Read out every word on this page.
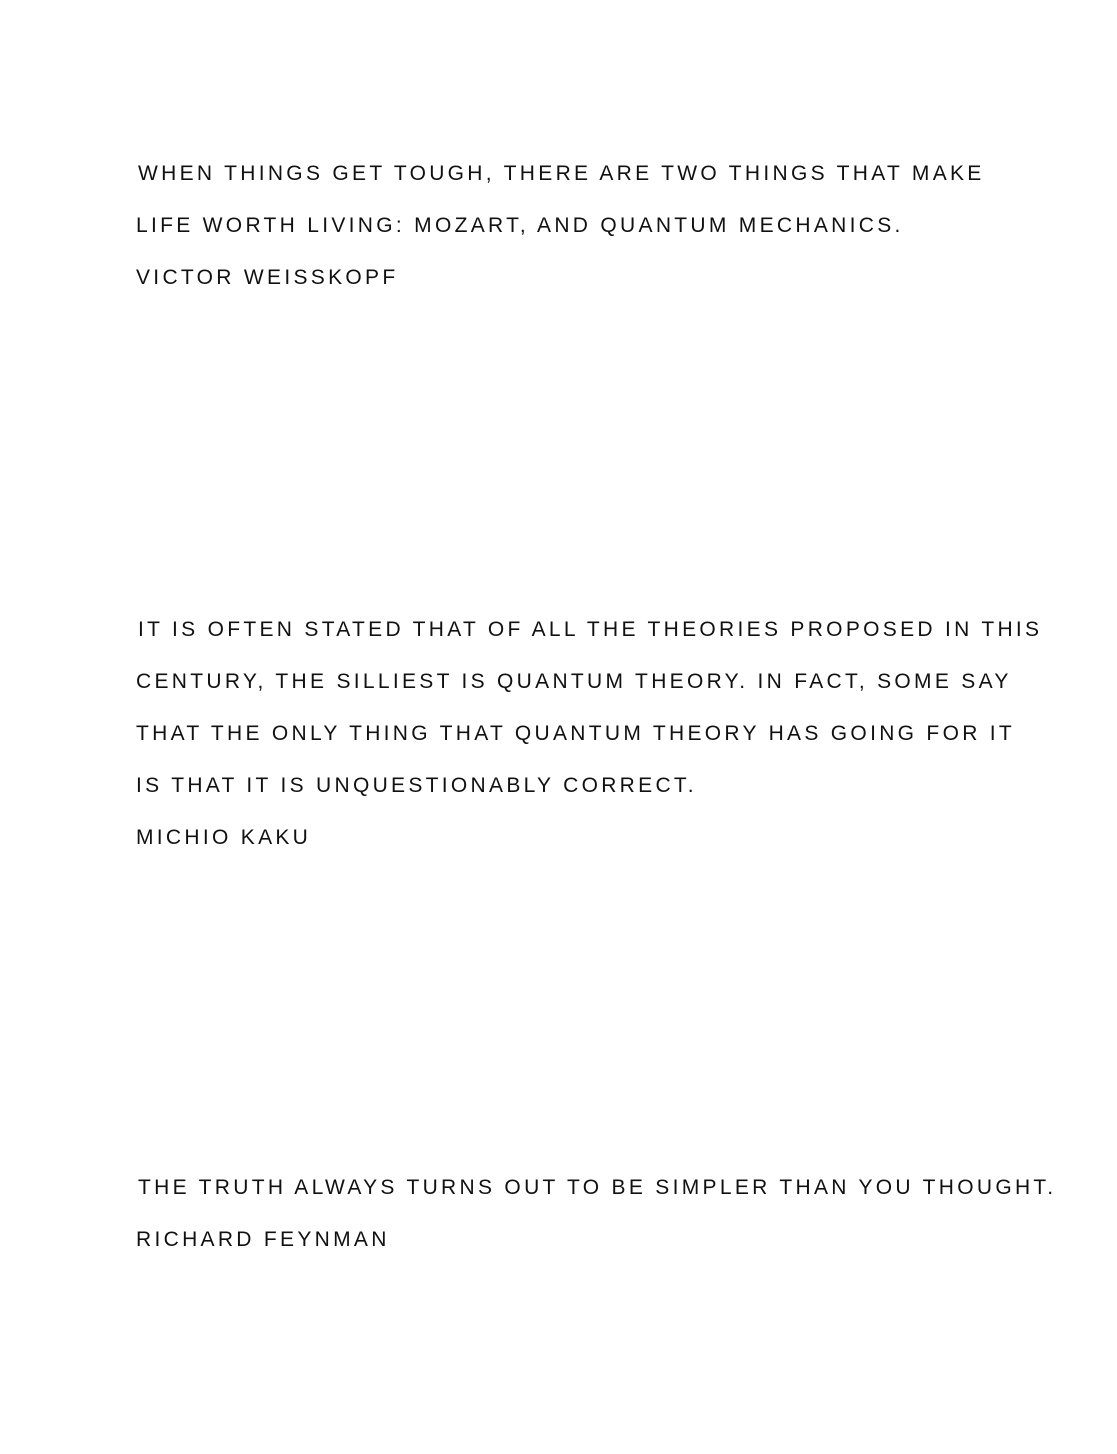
WHEN THINGS GET TOUGH, THERE ARE TWO THINGS THAT MAKE
LIFE WORTH LIVING: MOZART, AND QUANTUM MECHANICS.
VICTOR WEISSKOPF
IT IS OFTEN STATED THAT OF ALL THE THEORIES PROPOSED IN THIS
CENTURY, THE SILLIEST IS QUANTUM THEORY. IN FACT, SOME SAY
THAT THE ONLY THING THAT QUANTUM THEORY HAS GOING FOR IT
IS THAT IT IS UNQUESTIONABLY CORRECT.
MICHIO KAKU
THE TRUTH ALWAYS TURNS OUT TO BE SIMPLER THAN YOU THOUGHT.
RICHARD FEYNMAN
